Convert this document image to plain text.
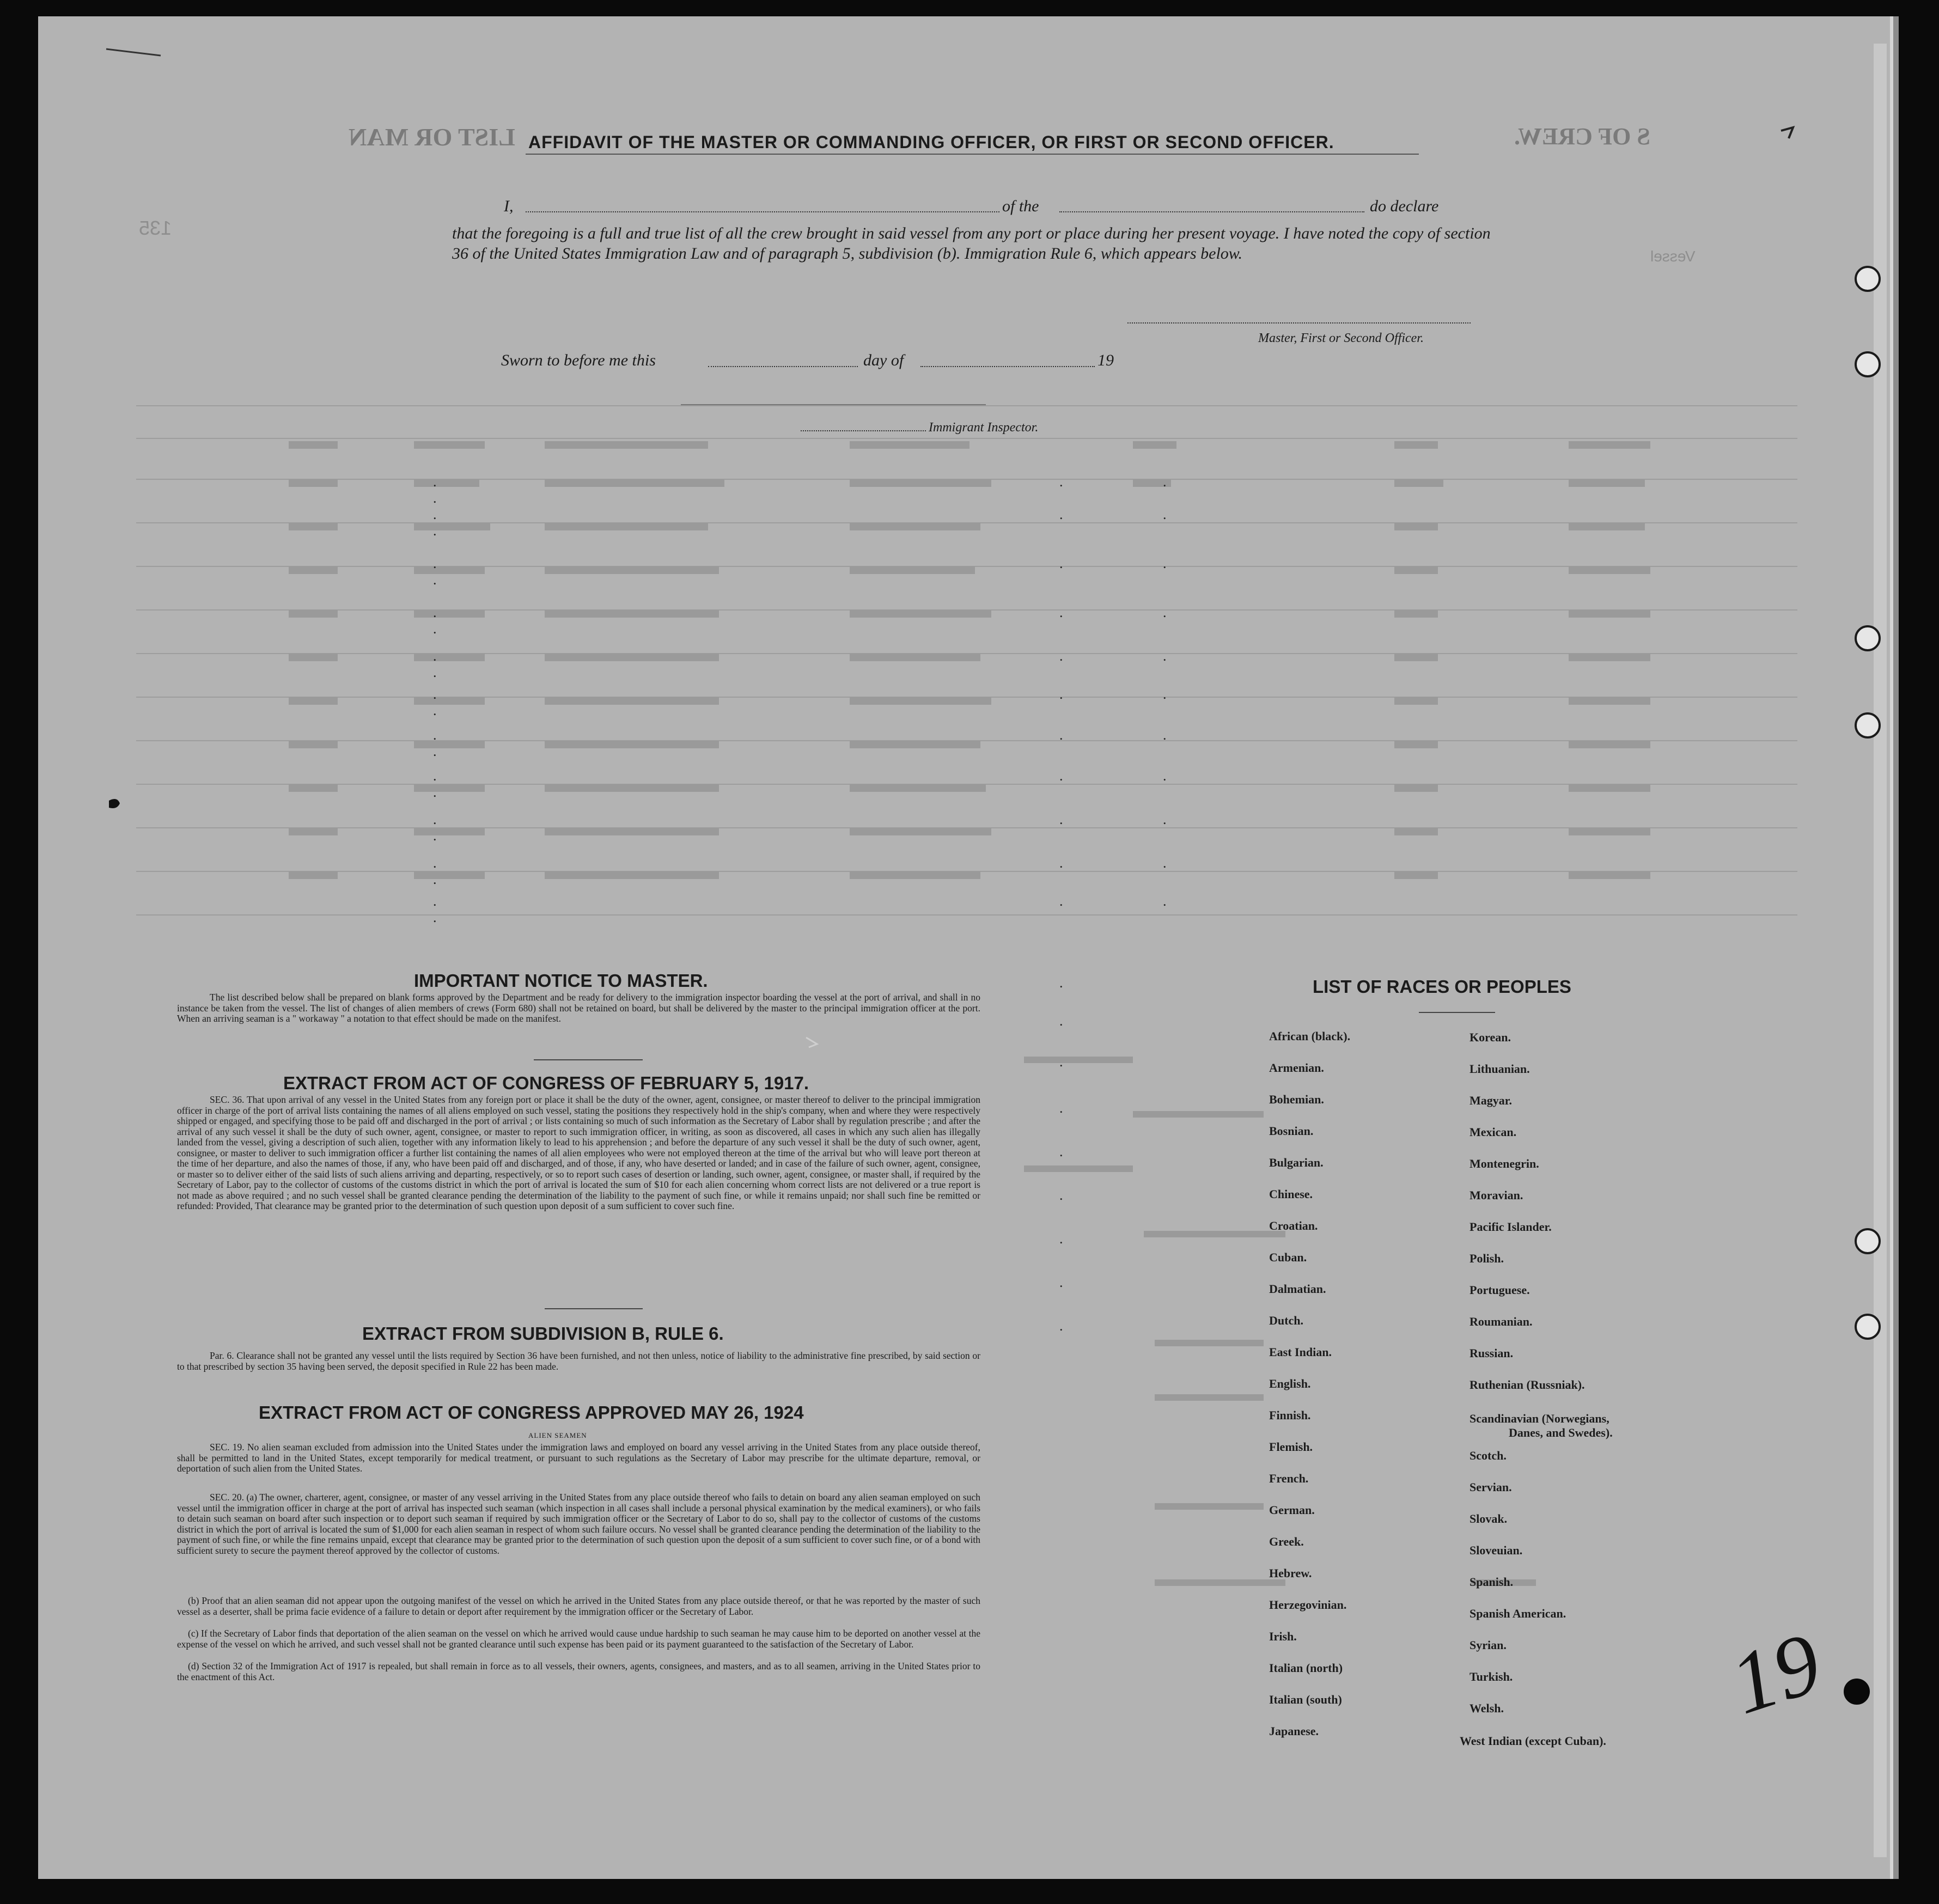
LIST OR MAN	S OF CREW.
Vessel
135
. .
.	.
. .
.	.
. .
.	.
. .
.	.
. .
.	.
. .
.	.
. .
.	.
. .
.	.
. .
.	.
. .
.	.
. .
.	.
.
.
.
.
.
.
.
.
.
AFFIDAVIT OF THE MASTER OR COMMANDING OFFICER, OR FIRST OR SECOND OFFICER.
I,	of the	do declare
that the foregoing is a full and true list of all the crew brought in said vessel from any port or place during her present voyage. I have noted the copy of section 36 of the United States Immigration Law and of paragraph 5, subdivision (b). Immigration Rule 6, which appears below.
Master, First or Second Officer.
Sworn to before me this	day of	19
Immigrant Inspector.
IMPORTANT NOTICE TO MASTER.
The list described below shall be prepared on blank forms approved by the Department and be ready for delivery to the immigration inspector boarding the vessel at the port of arrival, and shall in no instance be taken from the vessel. The list of changes of alien members of crews (Form 680) shall not be retained on board, but shall be delivered by the master to the principal immigration officer at the port. When an arriving seaman is a " workaway " a notation to that effect should be made on the manifest.
EXTRACT FROM ACT OF CONGRESS OF FEBRUARY 5, 1917.
SEC. 36. That upon arrival of any vessel in the United States from any foreign port or place it shall be the duty of the owner, agent, consignee, or master thereof to deliver to the principal immigration officer in charge of the port of arrival lists containing the names of all aliens employed on such vessel, stating the positions they respectively hold in the ship's company, when and where they were respectively shipped or engaged, and specifying those to be paid off and discharged in the port of arrival ; or lists containing so much of such information as the Secretary of Labor shall by regulation prescribe ; and after the arrival of any such vessel it shall be the duty of such owner, agent, consignee, or master to report to such immigration officer, in writing, as soon as discovered, all cases in which any such alien has illegally landed from the vessel, giving a description of such alien, together with any information likely to lead to his apprehension ; and before the departure of any such vessel it shall be the duty of such owner, agent, consignee, or master to deliver to such immigration officer a further list containing the names of all alien employees who were not employed thereon at the time of the arrival but who will leave port thereon at the time of her departure, and also the names of those, if any, who have been paid off and discharged, and of those, if any, who have deserted or landed; and in case of the failure of such owner, agent, consignee, or master so to deliver either of the said lists of such aliens arriving and departing, respectively, or so to report such cases of desertion or landing, such owner, agent, consignee, or master shall, if required by the Secretary of Labor, pay to the collector of customs of the customs district in which the port of arrival is located the sum of $10 for each alien concerning whom correct lists are not delivered or a true report is not made as above required ; and no such vessel shall be granted clearance pending the determination of the liability to the payment of such fine, or while it remains unpaid; nor shall such fine be remitted or refunded: Provided, That clearance may be granted prior to the determination of such question upon deposit of a sum sufficient to cover such fine.
EXTRACT FROM SUBDIVISION B, RULE 6.
Par. 6. Clearance shall not be granted any vessel until the lists required by Section 36 have been furnished, and not then unless, notice of liability to the administrative fine prescribed, by said section or to that prescribed by section 35 having been served, the deposit specified in Rule 22 has been made.
EXTRACT FROM ACT OF CONGRESS APPROVED MAY 26, 1924
ALIEN SEAMEN
SEC. 19. No alien seaman excluded from admission into the United States under the immigration laws and employed on board any vessel arriving in the United States from any place outside thereof, shall be permitted to land in the United States, except temporarily for medical treatment, or pursuant to such regulations as the Secretary of Labor may prescribe for the ultimate departure, removal, or deportation of such alien from the United States.
SEC. 20. (a) The owner, charterer, agent, consignee, or master of any vessel arriving in the United States from any place outside thereof who fails to detain on board any alien seaman employed on such vessel until the immigration officer in charge at the port of arrival has inspected such seaman (which inspection in all cases shall include a personal physical examination by the medical examiners), or who fails to detain such seaman on board after such inspection or to deport such seaman if required by such immigration officer or the Secretary of Labor to do so, shall pay to the collector of customs of the customs district in which the port of arrival is located the sum of $1,000 for each alien seaman in respect of whom such failure occurs. No vessel shall be granted clearance pending the determination of the liability to the payment of such fine, or while the fine remains unpaid, except that clearance may be granted prior to the determination of such question upon the deposit of a sum sufficient to cover such fine, or of a bond with sufficient surety to secure the payment thereof approved by the collector of customs.
(b) Proof that an alien seaman did not appear upon the outgoing manifest of the vessel on which he arrived in the United States from any place outside thereof, or that he was reported by the master of such vessel as a deserter, shall be prima facie evidence of a failure to detain or deport after requirement by the immigration officer or the Secretary of Labor.
(c) If the Secretary of Labor finds that deportation of the alien seaman on the vessel on which he arrived would cause undue hardship to such seaman he may cause him to be deported on another vessel at the expense of the vessel on which he arrived, and such vessel shall not be granted clearance until such expense has been paid or its payment guaranteed to the satisfaction of the Secretary of Labor.
(d) Section 32 of the Immigration Act of 1917 is repealed, but shall remain in force as to all vessels, their owners, agents, consignees, and masters, and as to all seamen, arriving in the United States prior to the enactment of this Act.
LIST OF RACES OR PEOPLES
African (black).
Armenian.
Bohemian.
Bosnian.
Bulgarian.
Chinese.
Croatian.
Cuban.
Dalmatian.
Dutch.
East Indian.
English.
Finnish.
Flemish.
French.
German.
Greek.
Hebrew.
Herzegovinian.
Irish.
Italian (north)
Italian (south)
Japanese.
Korean.
Lithuanian.
Magyar.
Mexican.
Montenegrin.
Moravian.
Pacific Islander.
Polish.
Portuguese.
Roumanian.
Russian.
Ruthenian (Russniak).
Scandinavian (Norwegians,
Danes, and Swedes).
Scotch.
Servian.
Slovak.
Sloveuian.
Spanish.
Spanish American.
Syrian.
Turkish.
Welsh.
West Indian (except Cuban).
19
